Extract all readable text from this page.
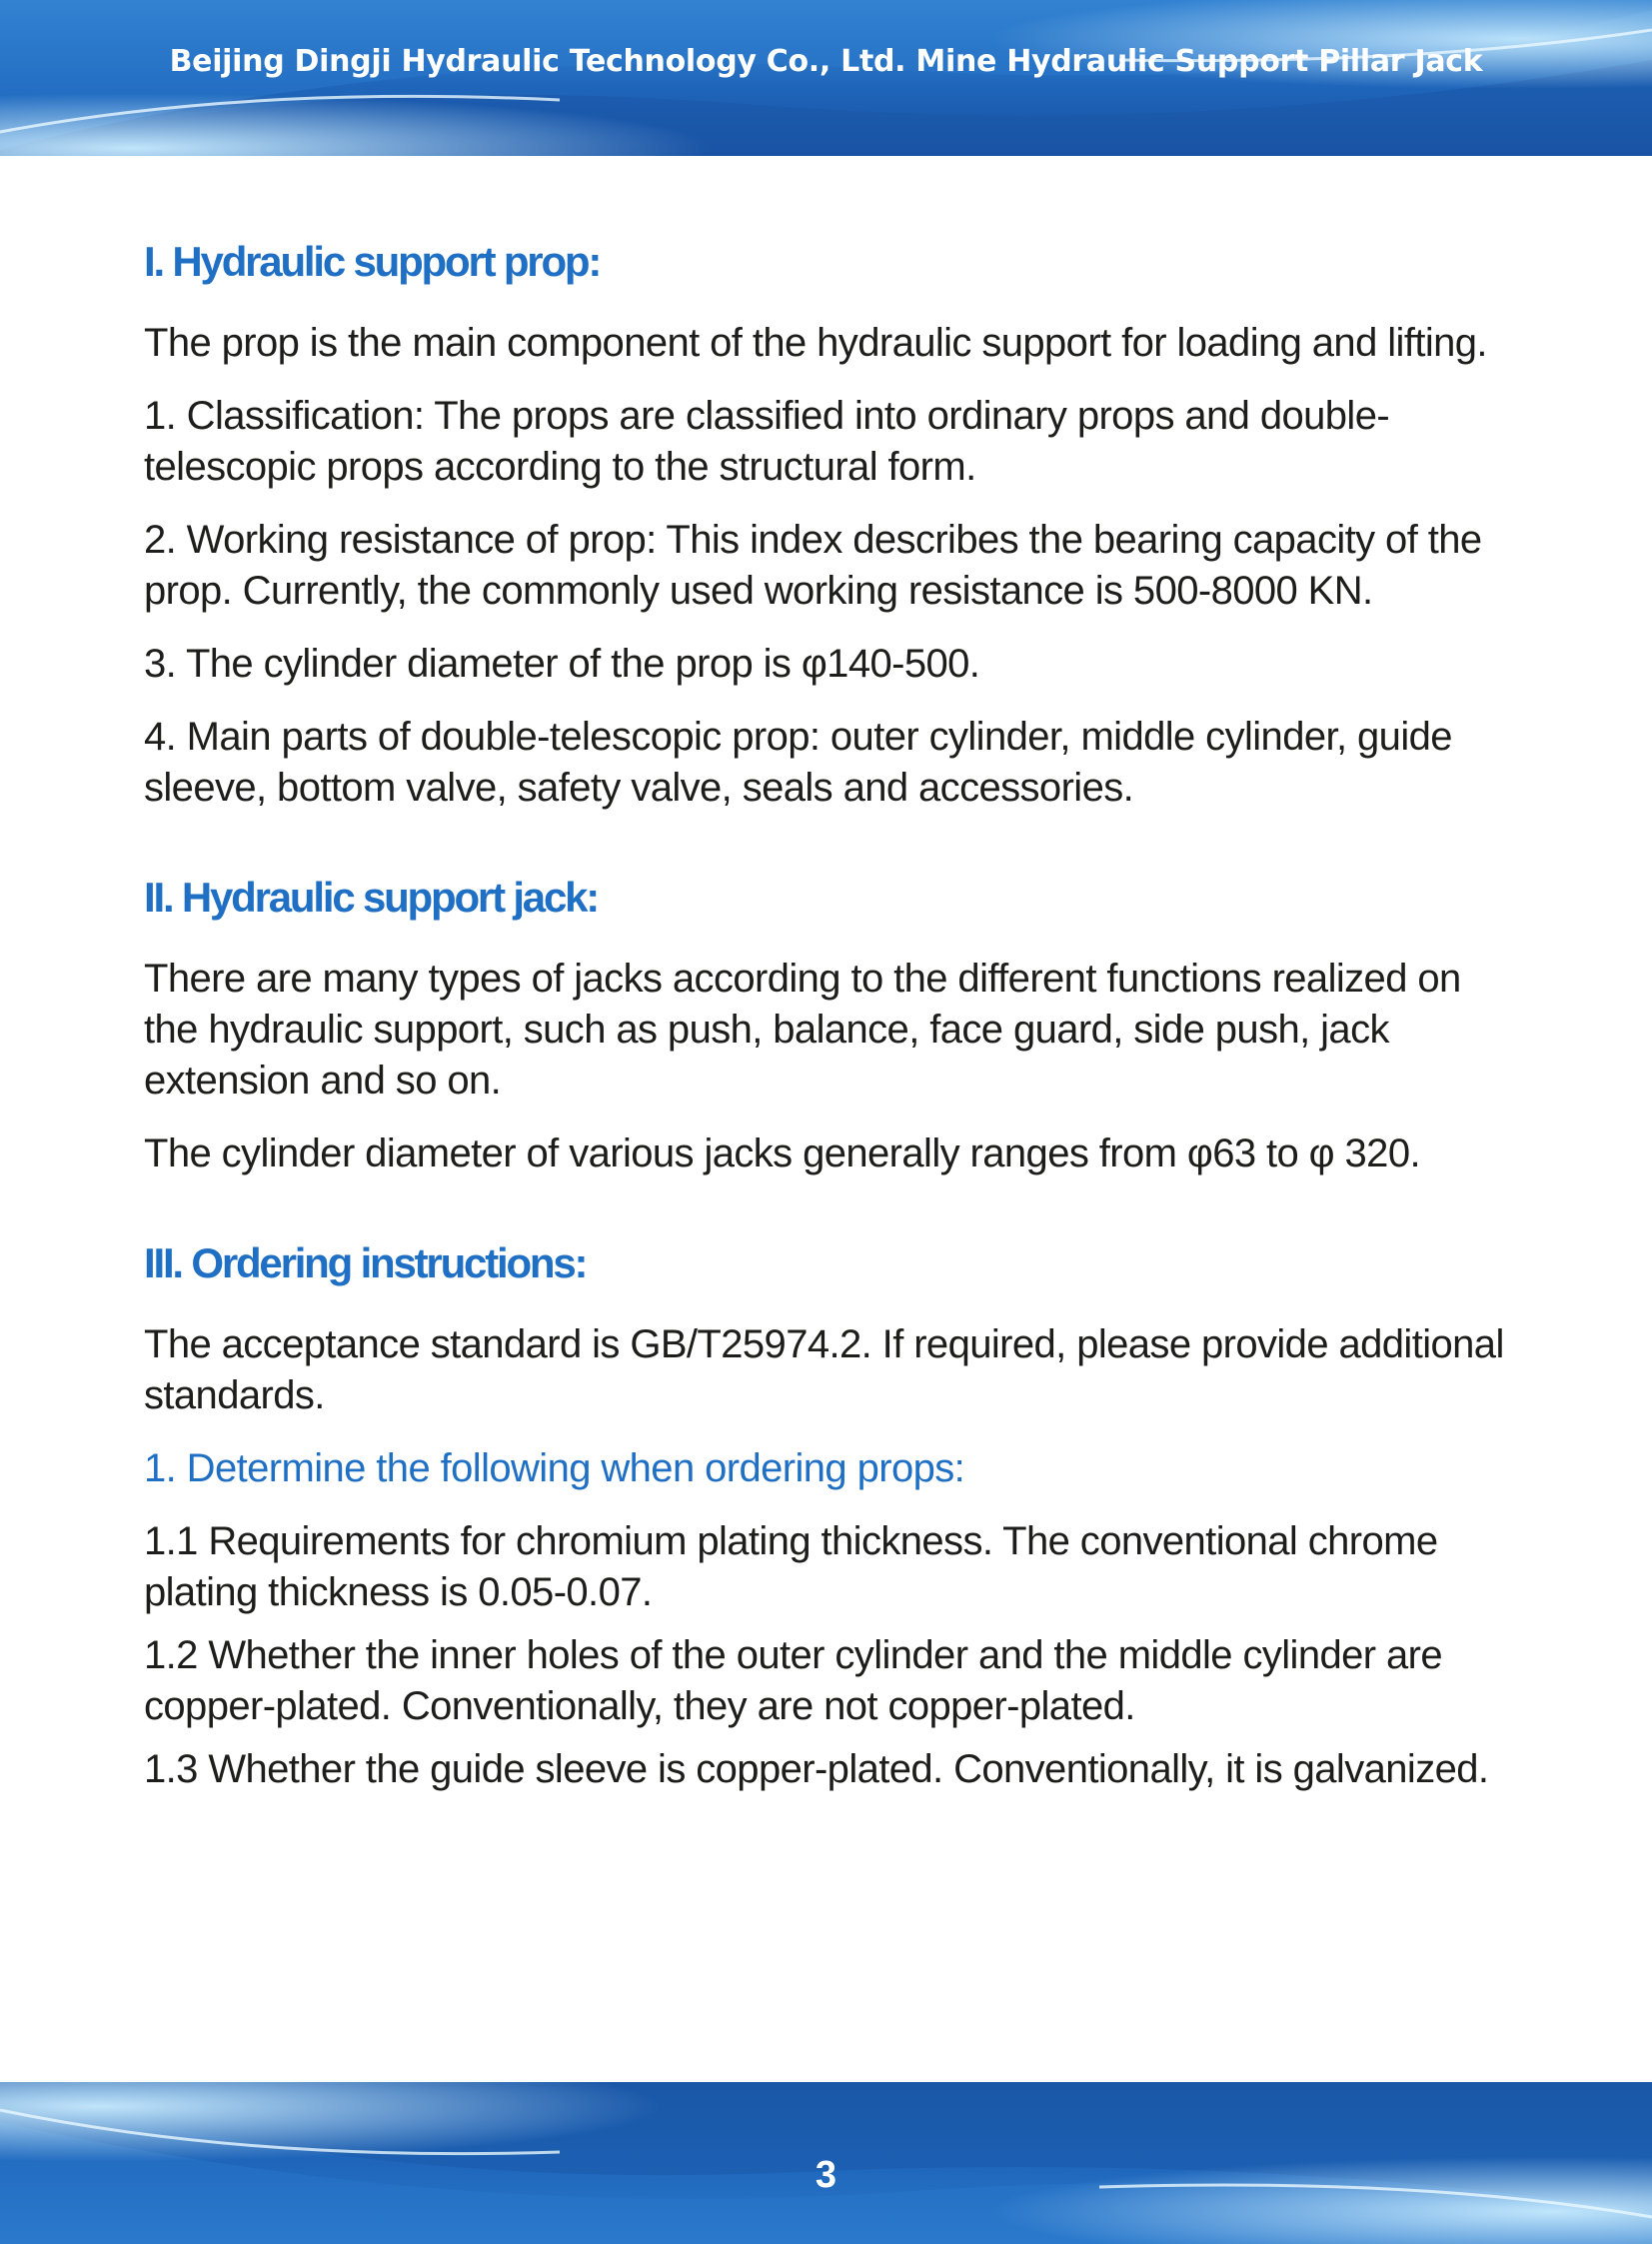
Beijing Dingji Hydraulic Technology Co., Ltd. Mine Hydraulic Support Pillar Jack
I. Hydraulic support prop:

The prop is the main component of the hydraulic support for loading and lifting.

1. Classification: The props are classified into ordinary props and double-telescopic props according to the structural form.

2. Working resistance of prop: This index describes the bearing capacity of the prop. Currently, the commonly used working resistance is 500-8000 KN.

3. The cylinder diameter of the prop is φ140-500.

4. Main parts of double-telescopic prop: outer cylinder, middle cylinder, guide sleeve, bottom valve, safety valve, seals and accessories.

II. Hydraulic support jack:

There are many types of jacks according to the different functions realized on the hydraulic support, such as push, balance, face guard, side push, jack extension and so on.

The cylinder diameter of various jacks generally ranges from φ63 to φ 320.

III. Ordering instructions:

The acceptance standard is GB/T25974.2. If required, please provide additional standards.

1. Determine the following when ordering props:

1.1 Requirements for chromium plating thickness. The conventional chrome plating thickness is 0.05-0.07.

1.2 Whether the inner holes of the outer cylinder and the middle cylinder are copper-plated. Conventionally, they are not copper-plated.

1.3 Whether the guide sleeve is copper-plated. Conventionally, it is galvanized.

3
